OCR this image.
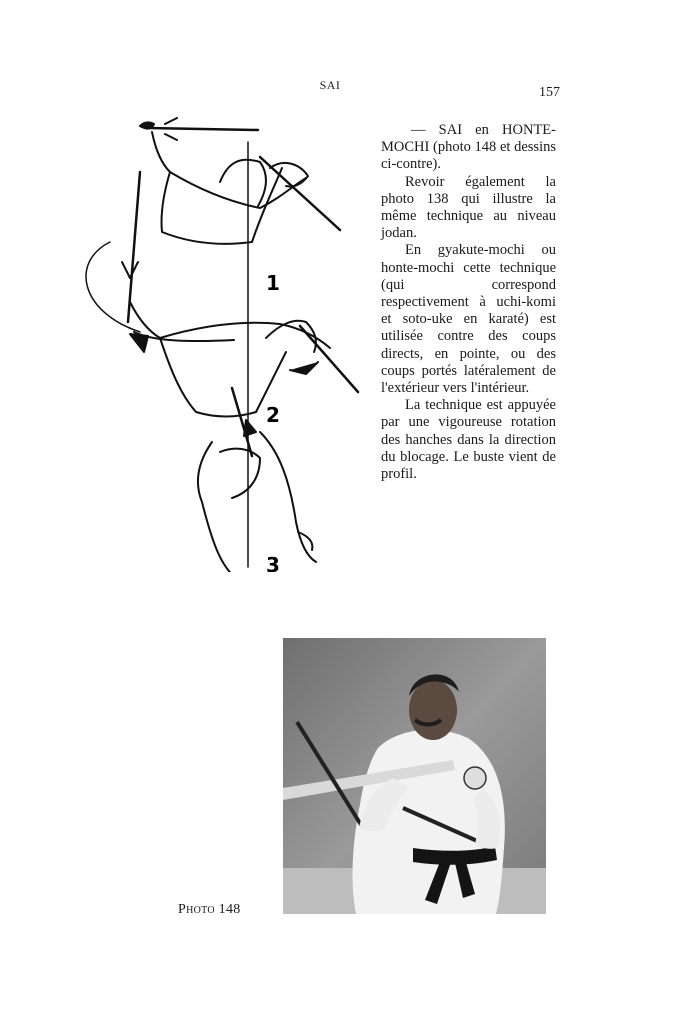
SAI	157

— SAI en HONTE-MOCHI (photo 148 et dessins ci-contre).

Revoir également la photo 138 qui illustre la même technique au niveau jodan.

En gyakute-mochi ou honte-mochi cette technique (qui correspond respectivement à uchi-komi et soto-uke en karaté) est utilisée contre des coups directs, en pointe, ou des coups portés latéralement de l'extérieur vers l'intérieur.

La technique est appuyée par une vigoureuse rotation des hanches dans la direction du blocage. Le buste vient de profil.

1
2
3
Photo 148
